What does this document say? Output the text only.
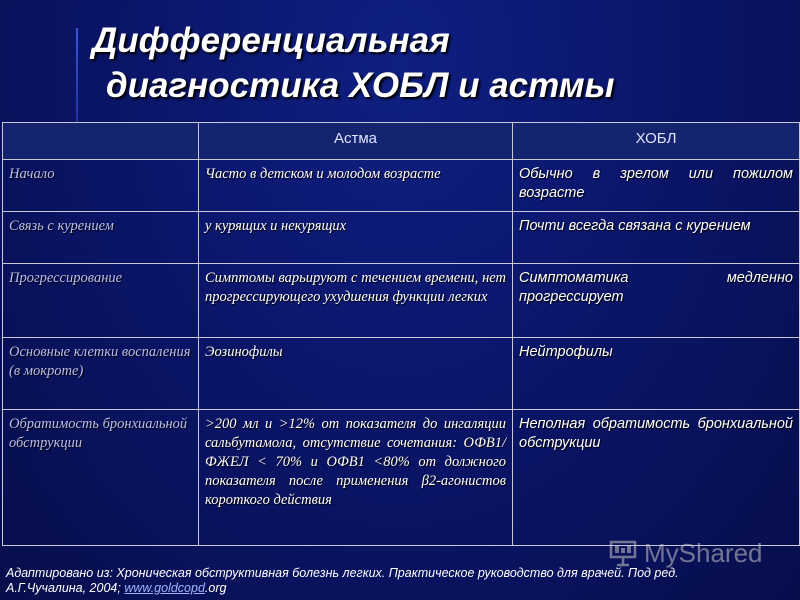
Дифференциальная
диагностика ХОБЛ и астмы
	Астма	ХОБЛ
Начало	Часто в детском и молодом возрасте	Обычно в зрелом или пожилом возрасте
Связь с курением	у курящих и некурящих	Почти всегда связана с курением
Прогрессирование	Симптомы варьируют с течением времени, нет прогрессирующего ухудшения функции легких	Симптоматика медленно прогрессирует
Основные клетки воспаления (в мокроте)	Эозинофилы	Нейтрофилы
Обратимость бронхиальной обструкции	>200 мл и >12% от показателя до ингаляции сальбутамола, отсутствие сочетания: ОФВ1/ФЖЕЛ < 70% и ОФВ1 <80% от должного показателя после применения β2-агонистов короткого действия	Неполная обратимость бронхиальной обструкции
MyShared
Адаптировано из: Хроническая обструктивная болезнь легких. Практическое руководство для врачей. Под ред.
А.Г.Чучалина, 2004; www.goldcopd.org
